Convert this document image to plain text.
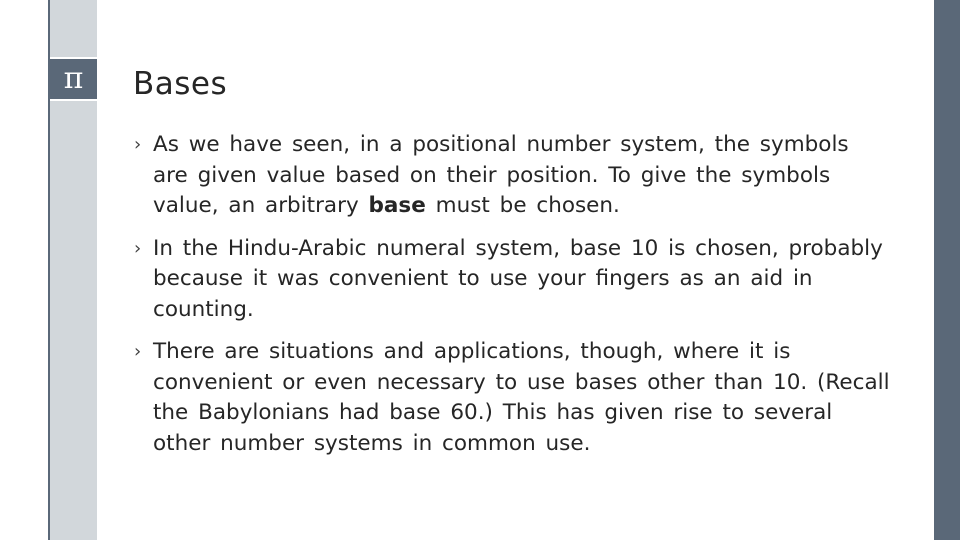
π Bases
› As we have seen, in a positional number system, the symbols are given value based on their position. To give the symbols value, an arbitrary base must be chosen.
› In the Hindu-Arabic numeral system, base 10 is chosen, probably because it was convenient to use your fingers as an aid in counting.
› There are situations and applications, though, where it is convenient or even necessary to use bases other than 10. (Recall the Babylonians had base 60.) This has given rise to several other number systems in common use.
